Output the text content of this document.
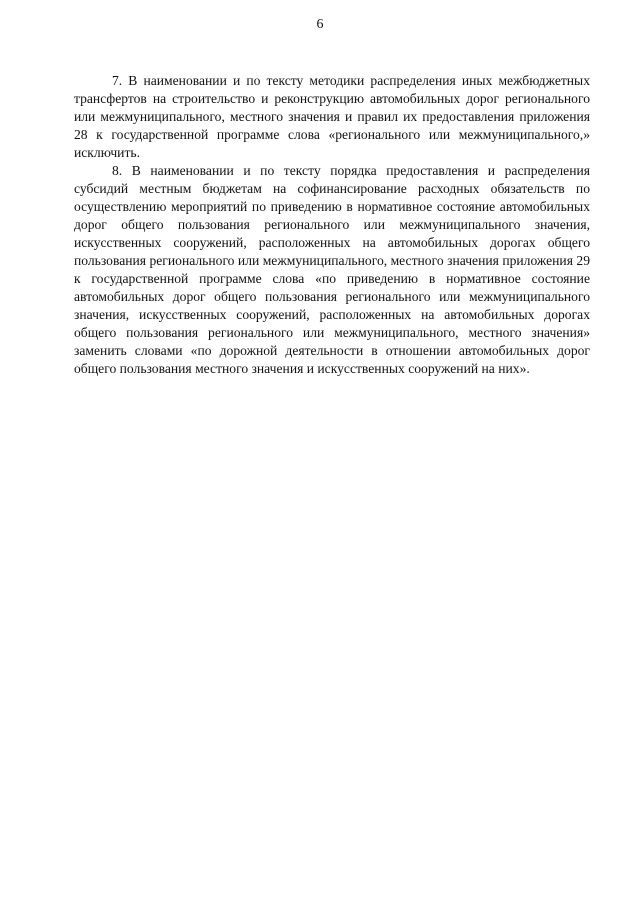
6

7. В наименовании и по тексту методики распределения иных межбюджетных трансфертов на строительство и реконструкцию автомобильных дорог регионального или межмуниципального, местного значения и правил их предоставления приложения 28 к государственной программе слова «регионального или межмуниципального,» исключить.

8. В наименовании и по тексту порядка предоставления и распределения субсидий местным бюджетам на софинансирование расходных обязательств по осуществлению мероприятий по приведению в нормативное состояние автомобильных дорог общего пользования регионального или межмуниципального значения, искусственных сооружений, расположенных на автомобильных дорогах общего пользования регионального или межмуниципального, местного значения приложения 29 к государственной программе слова «по приведению в нормативное состояние автомобильных дорог общего пользования регионального или межмуниципального значения, искусственных сооружений, расположенных на автомобильных дорогах общего пользования регионального или межмуниципального, местного значения» заменить словами «по дорожной деятельности в отношении автомобильных дорог общего пользования местного значения и искусственных сооружений на них».
